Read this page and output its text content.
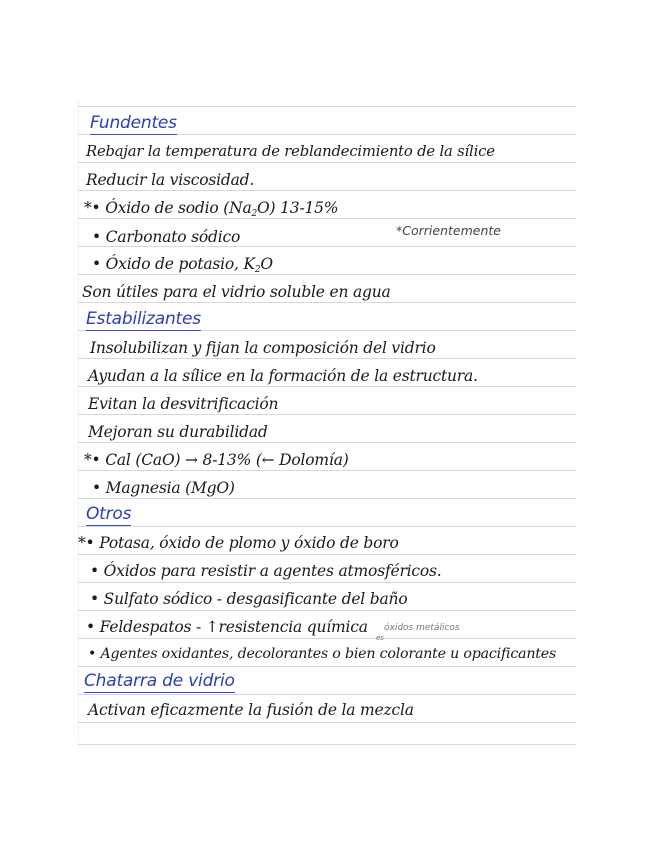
Fundentes
Rebajar la temperatura de reblandecimiento de la sílice
Reducir la viscosidad.
*• Óxido de sodio $(Na_2O)$ 13-15%
• Carbonato sódico	*Corrientemente
• Óxido de potasio, $K_2O$
Son útiles para el vidrio soluble en agua
Estabilizantes
Insolubilizan y fijan la composición del vidrio
Ayudan a la sílice en la formación de la estructura.
Evitan la desvitrificación
Mejoran su durabilidad
*• Cal (CaO) → 8-13% (← Dolomía)
• Magnesia (MgO)
Otros
*• Potasa, óxido de plomo y óxido de boro
• Óxidos para resistir a agentes atmosféricos.
• Sulfato sódico - desgasificante del baño
• Feldespatos - ↑resistencia química óxidos metálicos
es
• Agentes oxidantes, decolorantes o bien colorante u opacificantes
Chatarra de vidrio
Activan eficazmente la fusión de la mezcla
